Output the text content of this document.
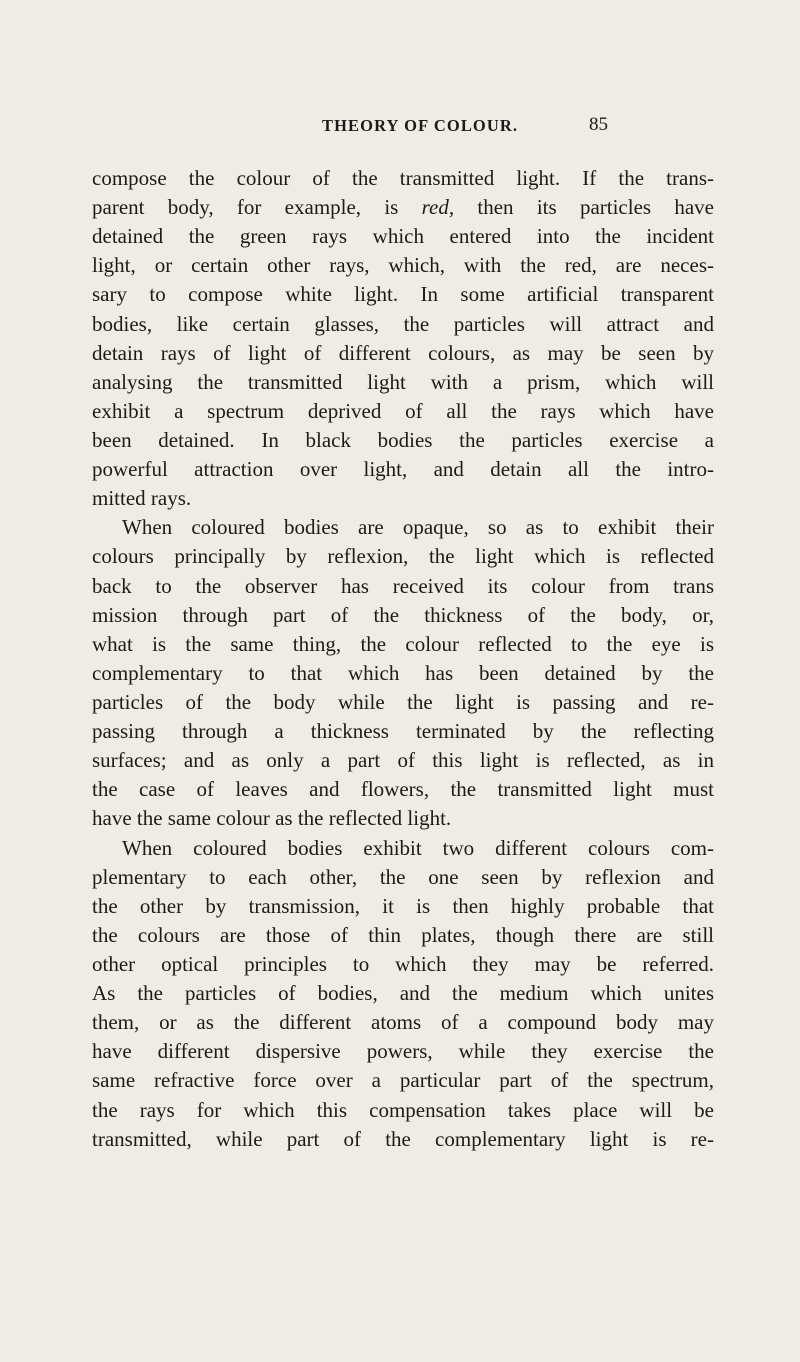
THEORY OF COLOUR.	85
compose the colour of the transmitted light. If the trans-
parent body, for example, is red, then its particles have
detained the green rays which entered into the incident
light, or certain other rays, which, with the red, are neces-
sary to compose white light. In some artificial transparent
bodies, like certain glasses, the particles will attract and
detain rays of light of different colours, as may be seen by
analysing the transmitted light with a prism, which will
exhibit a spectrum deprived of all the rays which have
been detained. In black bodies the particles exercise a
powerful attraction over light, and detain all the intro-
mitted rays.
When coloured bodies are opaque, so as to exhibit their
colours principally by reflexion, the light which is reflected
back to the observer has received its colour from trans
mission through part of the thickness of the body, or,
what is the same thing, the colour reflected to the eye is
complementary to that which has been detained by the
particles of the body while the light is passing and re-
passing through a thickness terminated by the reflecting
surfaces; and as only a part of this light is reflected, as in
the case of leaves and flowers, the transmitted light must
have the same colour as the reflected light.
When coloured bodies exhibit two different colours com-
plementary to each other, the one seen by reflexion and
the other by transmission, it is then highly probable that
the colours are those of thin plates, though there are still
other optical principles to which they may be referred.
As the particles of bodies, and the medium which unites
them, or as the different atoms of a compound body may
have different dispersive powers, while they exercise the
same refractive force over a particular part of the spectrum,
the rays for which this compensation takes place will be
transmitted, while part of the complementary light is re-
